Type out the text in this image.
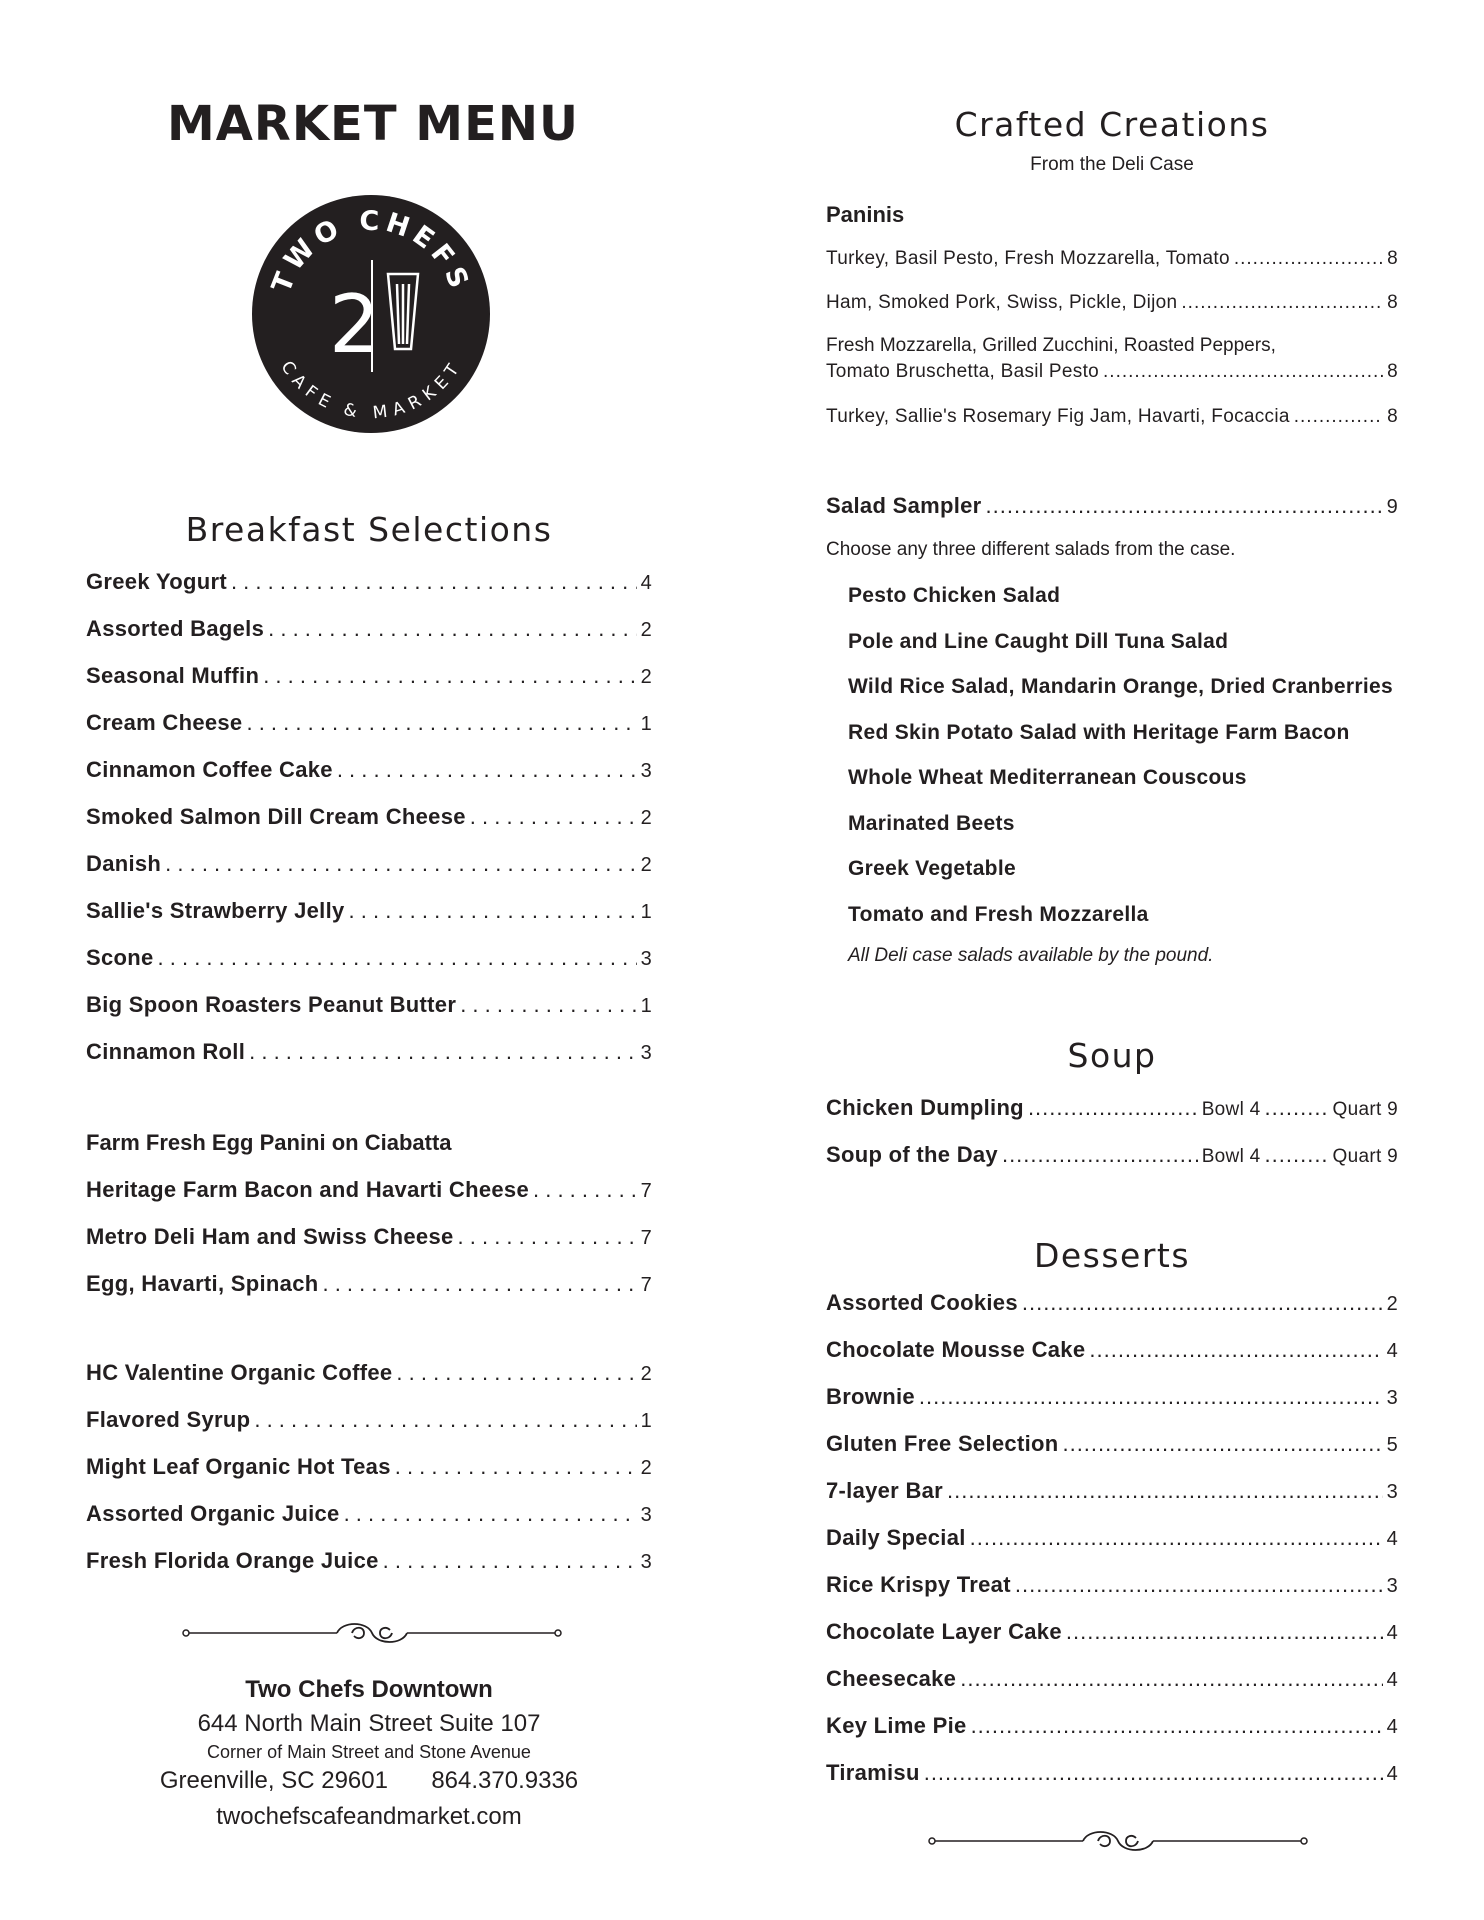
MARKET MENU
TWO CHEFS
CAFE & MARKET
2
Breakfast Selections
Greek Yogurt . . .	4
Assorted Bagels . . .	2
Seasonal Muffin . . .	2
Cream Cheese . . .	1
Cinnamon Coffee Cake . . .	3
Smoked Salmon Dill Cream Cheese . . .	2
Danish . . .	2
Sallie's Strawberry Jelly . . .	1
Scone . . .	3
Big Spoon Roasters Peanut Butter . . .	1
Cinnamon Roll . . .	3

Farm Fresh Egg Panini on Ciabatta

Heritage Farm Bacon and Havarti Cheese . . .	7
Metro Deli Ham and Swiss Cheese . . .	7
Egg, Havarti, Spinach . . .	7
HC Valentine Organic Coffee . . .	2
Flavored Syrup . . .	1
Might Leaf Organic Hot Teas . . .	2
Assorted Organic Juice . . .	3
Fresh Florida Orange Juice . . .	3

Two Chefs Downtown

644 North Main Street Suite 107

Corner of Main Street and Stone Avenue

Greenville, SC 29601 864.370.9336

twochefscafeandmarket.com

Crafted Creations

From the Deli Case

Paninis

Turkey, Basil Pesto, Fresh Mozzarella, Tomato .....	8
Ham, Smoked Pork, Swiss, Pickle, Dijon .....	8

Fresh Mozzarella, Grilled Zucchini, Roasted Peppers,

Tomato Bruschetta, Basil Pesto .....	8
Turkey, Sallie's Rosemary Fig Jam, Havarti, Focaccia .....	8
Salad Sampler .....	9

Choose any three different salads from the case.

Pesto Chicken Salad

Pole and Line Caught Dill Tuna Salad

Wild Rice Salad, Mandarin Orange, Dried Cranberries

Red Skin Potato Salad with Heritage Farm Bacon

Whole Wheat Mediterranean Couscous

Marinated Beets

Greek Vegetable

Tomato and Fresh Mozzarella

All Deli case salads available by the pound.

Soup
Chicken Dumpling .....	Bowl 4 .....	Quart 9
Soup of the Day .....	Bowl 4 .....	Quart 9
Desserts
Assorted Cookies .....	2
Chocolate Mousse Cake .....	4
Brownie .....	3
Gluten Free Selection .....	5
7-layer Bar .....	3
Daily Special .....	4
Rice Krispy Treat .....	3
Chocolate Layer Cake .....	4
Cheesecake .....	4
Key Lime Pie .....	4
Tiramisu .....	4
